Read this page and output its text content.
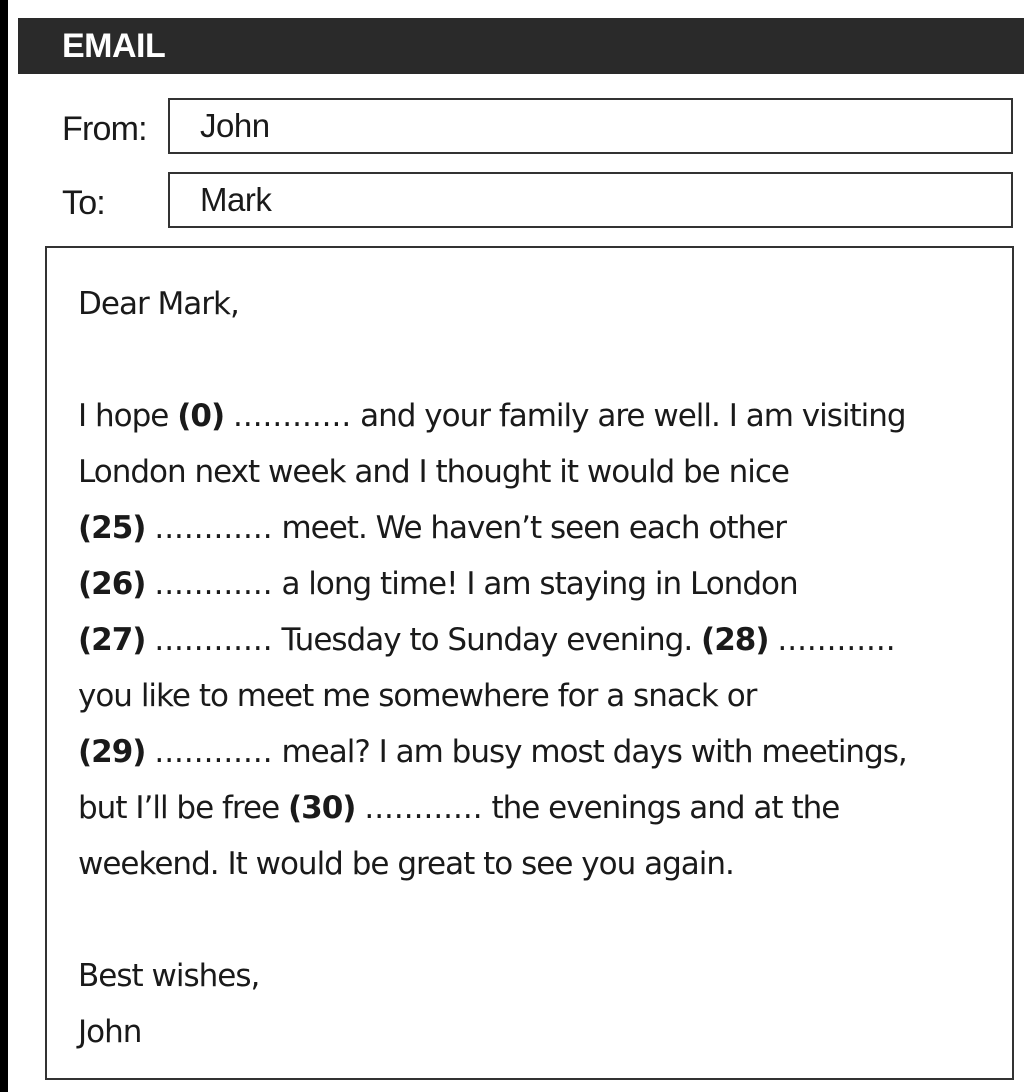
EMAIL
From: John
To:	Mark
Dear Mark,
I hope (0) ............ and your family are well. I am visiting
London next week and I thought it would be nice
(25) ............ meet. We haven’t seen each other
(26) ............ a long time! I am staying in London
(27) ............ Tuesday to Sunday evening. (28) ............
you like to meet me somewhere for a snack or
(29) ............ meal? I am busy most days with meetings,
but I’ll be free (30) ............ the evenings and at the
weekend. It would be great to see you again.
Best wishes,
John
